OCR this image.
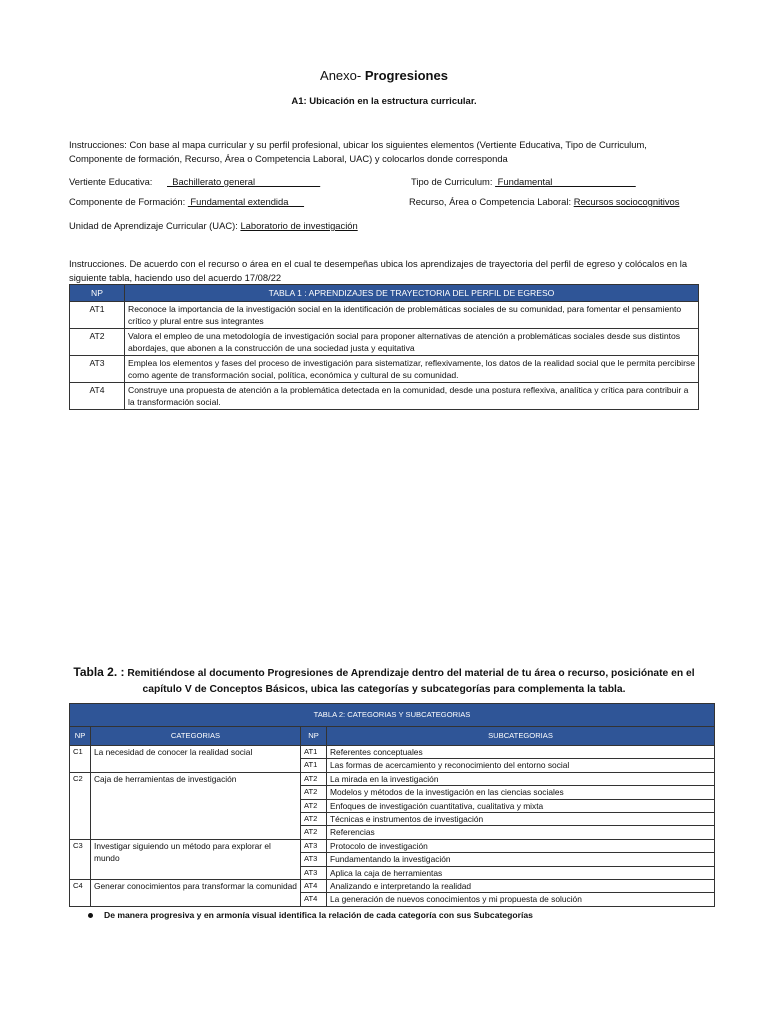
Anexo- Progresiones
A1: Ubicación en la estructura curricular.
Instrucciones: Con base al mapa curricular y su perfil profesional, ubicar los siguientes elementos (Vertiente Educativa, Tipo de Curriculum, Componente de formación, Recurso, Área o Competencia Laboral, UAC) y colocarlos donde corresponda
Vertiente Educativa:   Bachillerato general	Tipo de Curriculum:  Fundamental
Componente de Formación:  Fundamental extendida	Recurso, Área o Competencia Laboral: Recursos sociocognitivos
Unidad de Aprendizaje Curricular (UAC): Laboratorio de investigación
Instrucciones. De acuerdo con el recurso o área en el cual te desempeñas ubica los aprendizajes de trayectoria del perfil de egreso y colócalos en la siguiente tabla, haciendo uso del acuerdo 17/08/22
NP	TABLA 1 : APRENDIZAJES DE TRAYECTORIA DEL PERFIL DE EGRESO
AT1	Reconoce la importancia de la investigación social en la identificación de problemáticas sociales de su comunidad, para fomentar el pensamiento crítico y plural entre sus integrantes
AT2	Valora el empleo de una metodología de investigación social para proponer alternativas de atención a problemáticas sociales desde sus distintos abordajes, que abonen a la construcción de una sociedad justa y equitativa
AT3	Emplea los elementos y fases del proceso de investigación para sistematizar, reflexivamente, los datos de la realidad social que le permita percibirse como agente de transformación social, política, económica y cultural de su comunidad.
AT4	Construye una propuesta de atención a la problemática detectada en la comunidad, desde una postura reflexiva, analítica y crítica para contribuir a la transformación social.
Tabla 2. : Remitiéndose al documento Progresiones de Aprendizaje dentro del material de tu área o recurso, posiciónate en el capítulo V de Conceptos Básicos, ubica las categorías y subcategorías para complementa la tabla.
TABLA 2: CATEGORIAS Y SUBCATEGORIAS			
NP	CATEGORIAS	NP	SUBCATEGORIAS
C1	La necesidad de conocer la realidad social	AT1	Referentes conceptuales
		AT1	Las formas de acercamiento y reconocimiento del entorno social
C2	Caja de herramientas de investigación	AT2	La mirada en la investigación
		AT2	Modelos y métodos de la investigación en las ciencias sociales
		AT2	Enfoques de investigación cuantitativa, cualitativa y mixta
		AT2	Técnicas e instrumentos de investigación
		AT2	Referencias
C3	Investigar siguiendo un método para explorar el mundo	AT3	Protocolo de investigación
		AT3	Fundamentando la investigación
		AT3	Aplica la caja de herramientas
C4	Generar conocimientos para transformar la comunidad	AT4	Analizando e interpretando la realidad
		AT4	La generación de nuevos conocimientos y mi propuesta de solución
De manera progresiva y en armonía visual identifica la relación de cada categoría con sus Subcategorías
